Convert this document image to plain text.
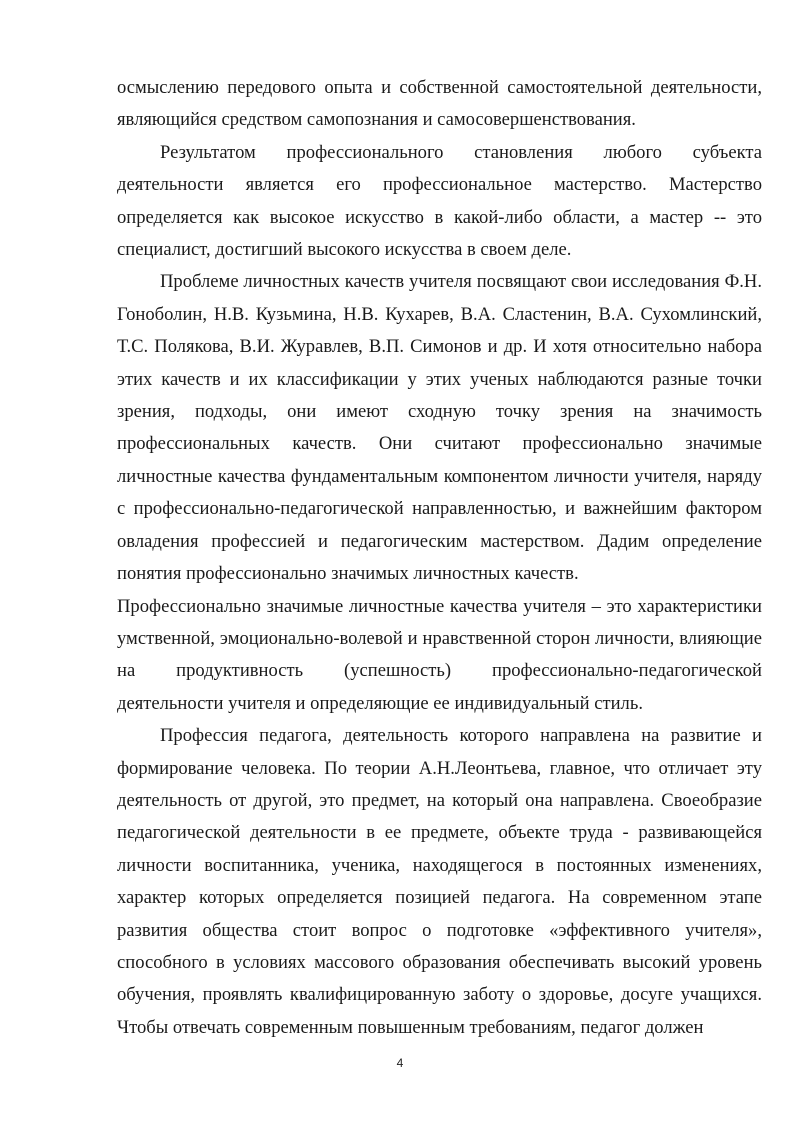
осмыслению передового опыта и собственной самостоятельной деятельности, являющийся средством самопознания и самосовершенствования.

Результатом профессионального становления любого субъекта деятельности является его профессиональное мастерство. Мастерство определяется как высокое искусство в какой-либо области, а мастер -- это специалист, достигший высокого искусства в своем деле.

Проблеме личностных качеств учителя посвящают свои исследования Ф.Н. Гоноболин, Н.В. Кузьмина, Н.В. Кухарев, В.А. Сластенин, В.А. Сухомлинский, Т.С. Полякова, В.И. Журавлев, В.П. Симонов и др. И хотя относительно набора этих качеств и их классификации у этих ученых наблюдаются разные точки зрения, подходы, они имеют сходную точку зрения на значимость профессиональных качеств. Они считают профессионально значимые личностные качества фундаментальным компонентом личности учителя, наряду с профессионально-педагогической направленностью, и важнейшим фактором овладения профессией и педагогическим мастерством. Дадим определение понятия профессионально значимых личностных качеств.

Профессионально значимые личностные качества учителя – это характеристики умственной, эмоционально-волевой и нравственной сторон личности, влияющие на продуктивность (успешность) профессионально-педагогической деятельности учителя и определяющие ее индивидуальный стиль.

Профессия педагога, деятельность которого направлена на развитие и формирование человека. По теории А.Н.Леонтьева, главное, что отличает эту деятельность от другой, это предмет, на который она направлена. Своеобразие педагогической деятельности в ее предмете, объекте труда - развивающейся личности воспитанника, ученика, находящегося в постоянных изменениях, характер которых определяется позицией педагога. На современном этапе развития общества стоит вопрос о подготовке «эффективного учителя», способного в условиях массового образования обеспечивать высокий уровень обучения, проявлять квалифицированную заботу о здоровье, досуге учащихся. Чтобы отвечать современным повышенным требованиям, педагог должен

4
